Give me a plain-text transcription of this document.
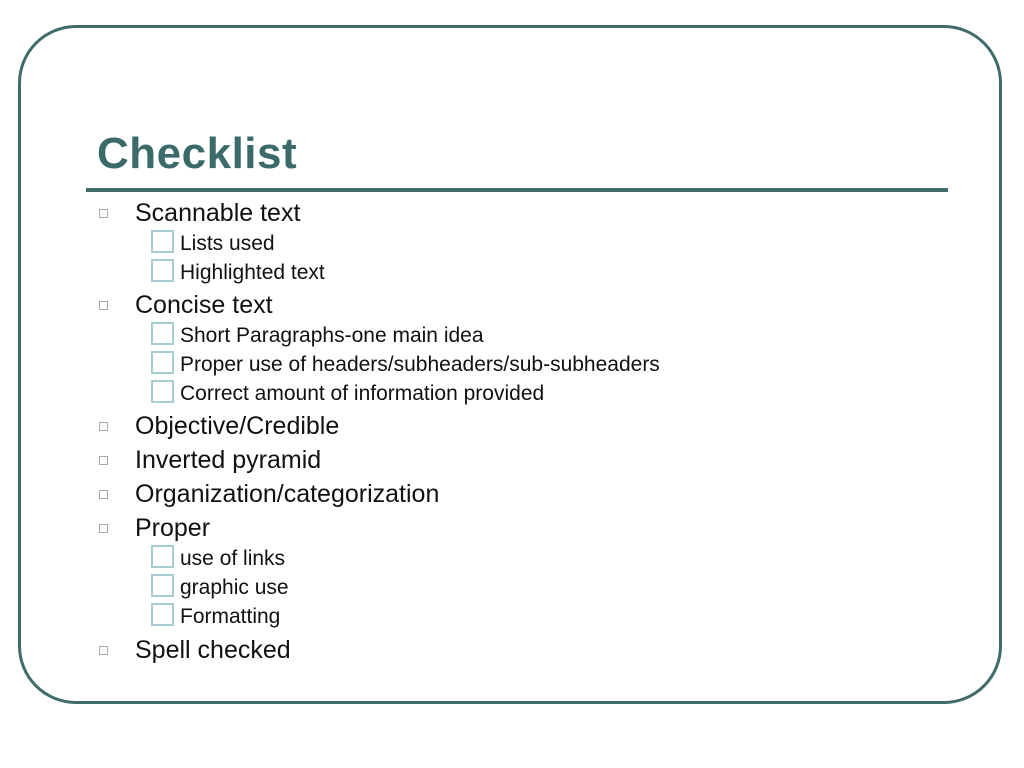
Checklist
Scannable text
Lists used
Highlighted text
Concise text
Short Paragraphs-one main idea
Proper use of headers/subheaders/sub-subheaders
Correct amount of information provided
Objective/Credible
Inverted pyramid
Organization/categorization
Proper
use of links
graphic use
Formatting
Spell checked
